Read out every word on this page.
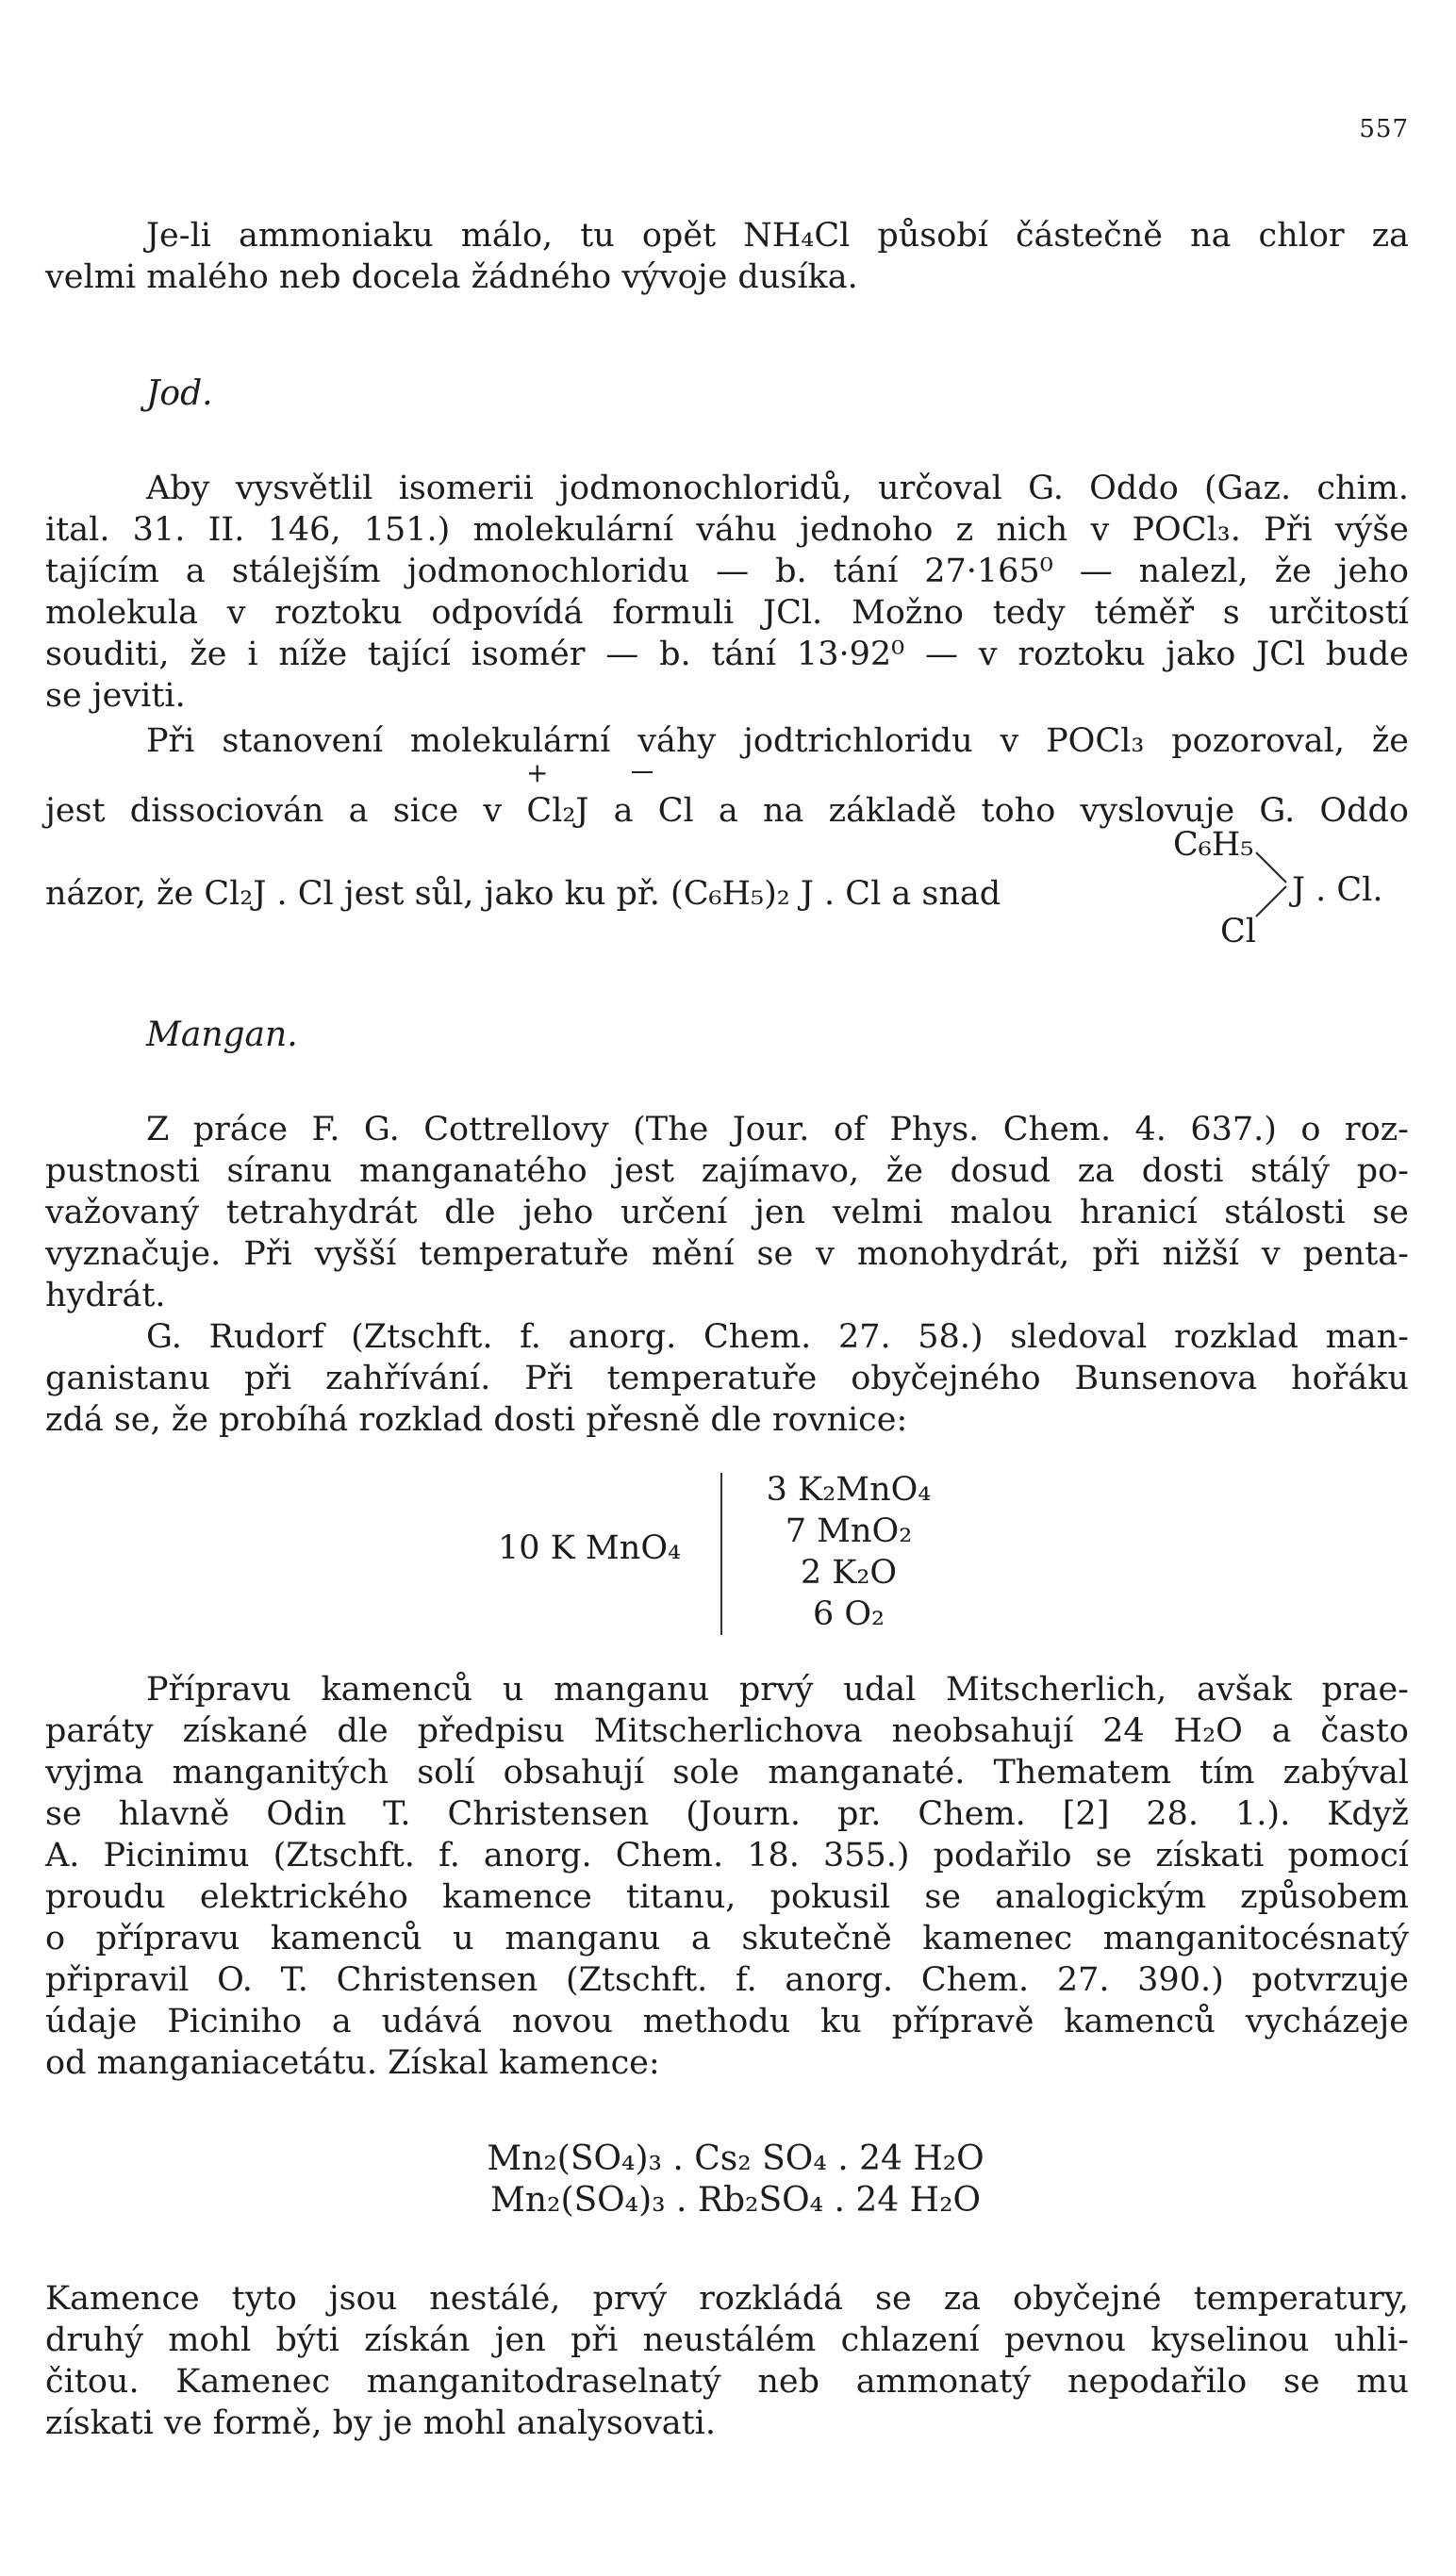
557
Je-li ammoniaku málo, tu opět NH₄Cl působí částečně na chlor za
velmi malého neb docela žádného vývoje dusíka.
Jod.
Aby vysvětlil isomerii jodmonochloridů, určoval G. Oddo (Gaz. chim.
ital. 31. II. 146, 151.) molekulární váhu jednoho z nich v POCl₃. Při výše
tajícím a stálejším jodmonochloridu — b. tání 27·165⁰ — nalezl, že jeho
molekula v roztoku odpovídá formuli JCl. Možno tedy téměř s určitostí
souditi, že i níže tající isomér — b. tání 13·92⁰ — v roztoku jako JCl bude
se jeviti.
Při stanovení molekulární váhy jodtrichloridu v POCl₃ pozoroval, že
+
jest dissociován a sice v Cl₂J a Cl a na základě toho vyslovuje G. Oddo
názor, že Cl₂J . Cl jest sůl, jako ku př. (C₆H₅)₂ J . Cl a snad
C₆H₅
Cl
J . Cl.
Mangan.
Z práce F. G. Cottrellovy (The Jour. of Phys. Chem. 4. 637.) o roz-
pustnosti síranu manganatého jest zajímavo, že dosud za dosti stálý po-
važovaný tetrahydrát dle jeho určení jen velmi malou hranicí stálosti se
vyznačuje. Při vyšší temperatuře mění se v monohydrát, při nižší v penta-
hydrát.
G. Rudorf (Ztschft. f. anorg. Chem. 27. 58.) sledoval rozklad man-
ganistanu při zahřívání. Při temperatuře obyčejného Bunsenova hořáku
zdá se, že probíhá rozklad dosti přesně dle rovnice:
10 K MnO₄
3 K₂MnO₄
7 MnO₂
2 K₂O
6 O₂
Přípravu kamenců u manganu prvý udal Mitscherlich, avšak prae-
paráty získané dle předpisu Mitscherlichova neobsahují 24 H₂O a často
vyjma manganitých solí obsahují sole manganaté. Thematem tím zabýval
se hlavně Odin T. Christensen (Journ. pr. Chem. [2] 28. 1.). Když
A. Picinimu (Ztschft. f. anorg. Chem. 18. 355.) podařilo se získati pomocí
proudu elektrického kamence titanu, pokusil se analogickým způsobem
o přípravu kamenců u manganu a skutečně kamenec manganitocésnatý
připravil O. T. Christensen (Ztschft. f. anorg. Chem. 27. 390.) potvrzuje
údaje Piciniho a udává novou methodu ku přípravě kamenců vycházeje
od manganiacetátu. Získal kamence:
Mn₂(SO₄)₃ . Cs₂ SO₄ . 24 H₂O
Mn₂(SO₄)₃ . Rb₂SO₄ . 24 H₂O
Kamence tyto jsou nestálé, prvý rozkládá se za obyčejné temperatury,
druhý mohl býti získán jen při neustálém chlazení pevnou kyselinou uhli-
čitou. Kamenec manganitodraselnatý neb ammonatý nepodařilo se mu
získati ve formě, by je mohl analysovati.
